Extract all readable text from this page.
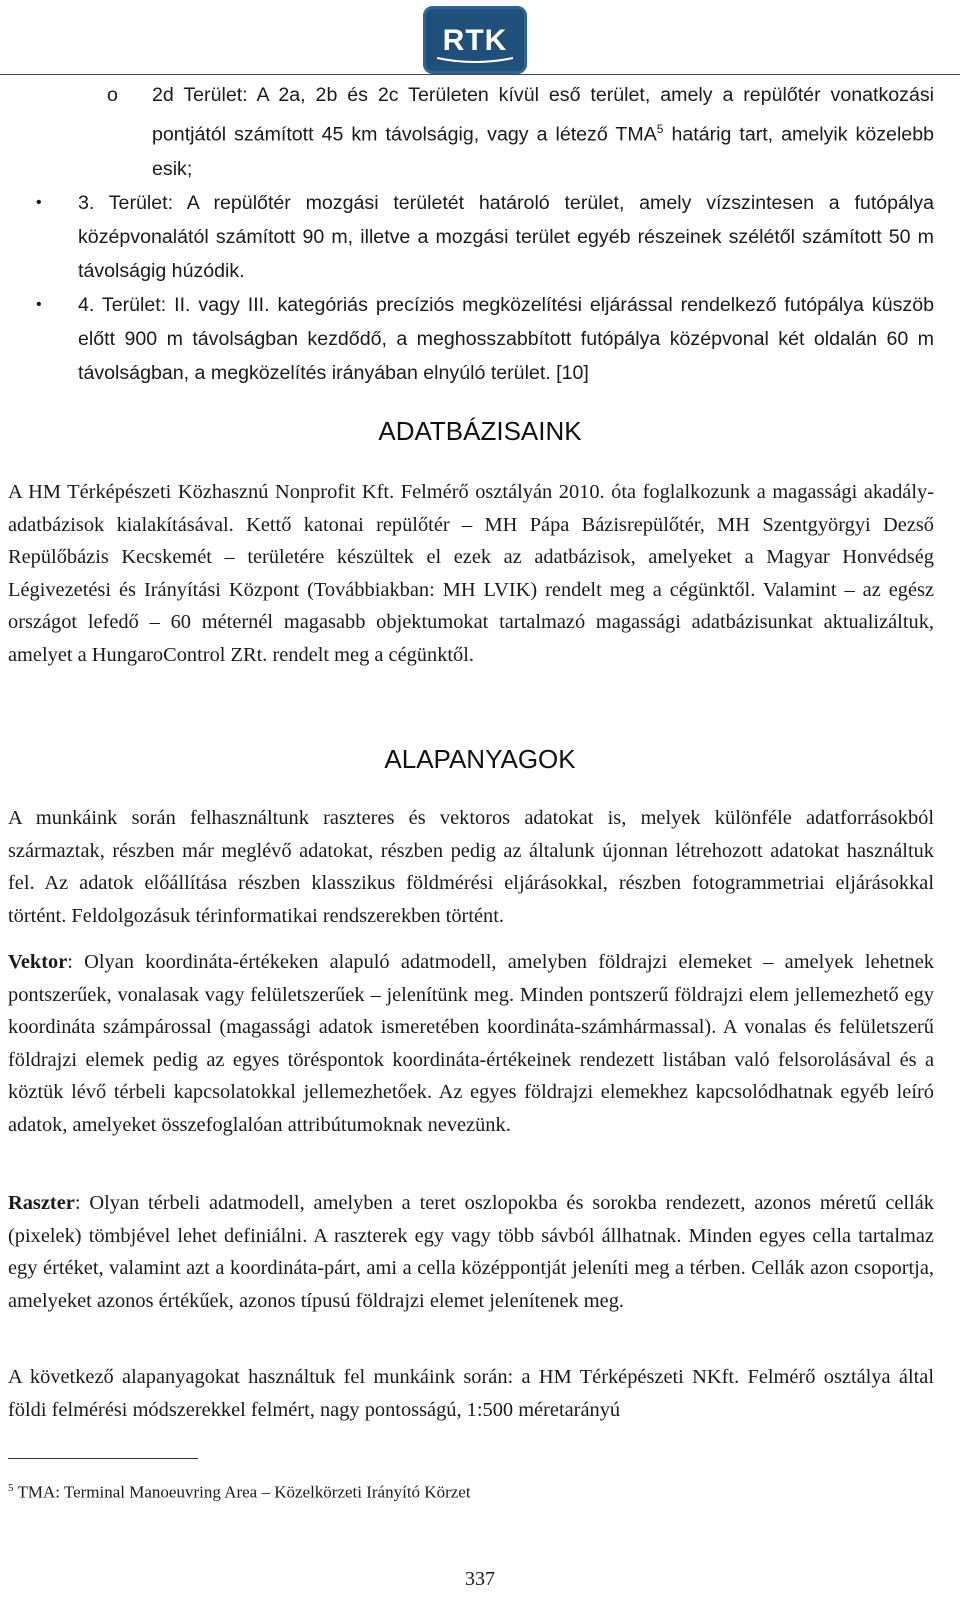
RTK
o 2d Terület: A 2a, 2b és 2c Területen kívül eső terület, amely a repülőtér vonatkozási pontjától számított 45 km távolságig, vagy a létező TMA$^5$ határig tart, amelyik közelebb esik;
• 3. Terület: A repülőtér mozgási területét határoló terület, amely vízszintesen a futópálya középvonalától számított 90 m, illetve a mozgási terület egyéb részeinek szélétől számított 50 m távolságig húzódik.
• 4. Terület: II. vagy III. kategóriás precíziós megközelítési eljárással rendelkező futópálya küszöb előtt 900 m távolságban kezdődő, a meghosszabbított futópálya középvonal két oldalán 60 m távolságban, a megközelítés irányában elnyúló terület. [10]
ADATBÁZISAINK
A HM Térképészeti Közhasznú Nonprofit Kft. Felmérő osztályán 2010. óta foglalkozunk a magassági akadály-adatbázisok kialakításával. Kettő katonai repülőtér – MH Pápa Bázisrepülőtér, MH Szentgyörgyi Dezső Repülőbázis Kecskemét – területére készültek el ezek az adatbázisok, amelyeket a Magyar Honvédség Légivezetési és Irányítási Központ (Továbbiakban: MH LVIK) rendelt meg a cégünktől. Valamint – az egész országot lefedő – 60 méternél magasabb objektumokat tartalmazó magassági adatbázisunkat aktualizáltuk, amelyet a HungaroControl ZRt. rendelt meg a cégünktől.
ALAPANYAGOK
A munkáink során felhasználtunk raszteres és vektoros adatokat is, melyek különféle adatforrásokból származtak, részben már meglévő adatokat, részben pedig az általunk újonnan létrehozott adatokat használtuk fel. Az adatok előállítása részben klasszikus földmérési eljárásokkal, részben fotogrammetriai eljárásokkal történt. Feldolgozásuk térinformatikai rendszerekben történt.
Vektor: Olyan koordináta-értékeken alapuló adatmodell, amelyben földrajzi elemeket – amelyek lehetnek pontszerűek, vonalasak vagy felületszerűek – jelenítünk meg. Minden pontszerű földrajzi elem jellemezhető egy koordináta számpárossal (magassági adatok ismeretében koordináta-számhármassal). A vonalas és felületszerű földrajzi elemek pedig az egyes töréspontok koordináta-értékeinek rendezett listában való felsorolásával és a köztük lévő térbeli kapcsolatokkal jellemezhetőek. Az egyes földrajzi elemekhez kapcsolódhatnak egyéb leíró adatok, amelyeket összefoglalóan attribútumoknak nevezünk.
Raszter: Olyan térbeli adatmodell, amelyben a teret oszlopokba és sorokba rendezett, azonos méretű cellák (pixelek) tömbjével lehet definiálni. A raszterek egy vagy több sávból állhatnak. Minden egyes cella tartalmaz egy értéket, valamint azt a koordináta-párt, ami a cella középpontját jeleníti meg a térben. Cellák azon csoportja, amelyeket azonos értékűek, azonos típusú földrajzi elemet jelenítenek meg.
A következő alapanyagokat használtuk fel munkáink során: a HM Térképészeti NKft. Felmérő osztálya által földi felmérési módszerekkel felmért, nagy pontosságú, 1:500 méretarányú
$^5$ TMA: Terminal Manoeuvring Area – Közelkörzeti Irányító Körzet
337
